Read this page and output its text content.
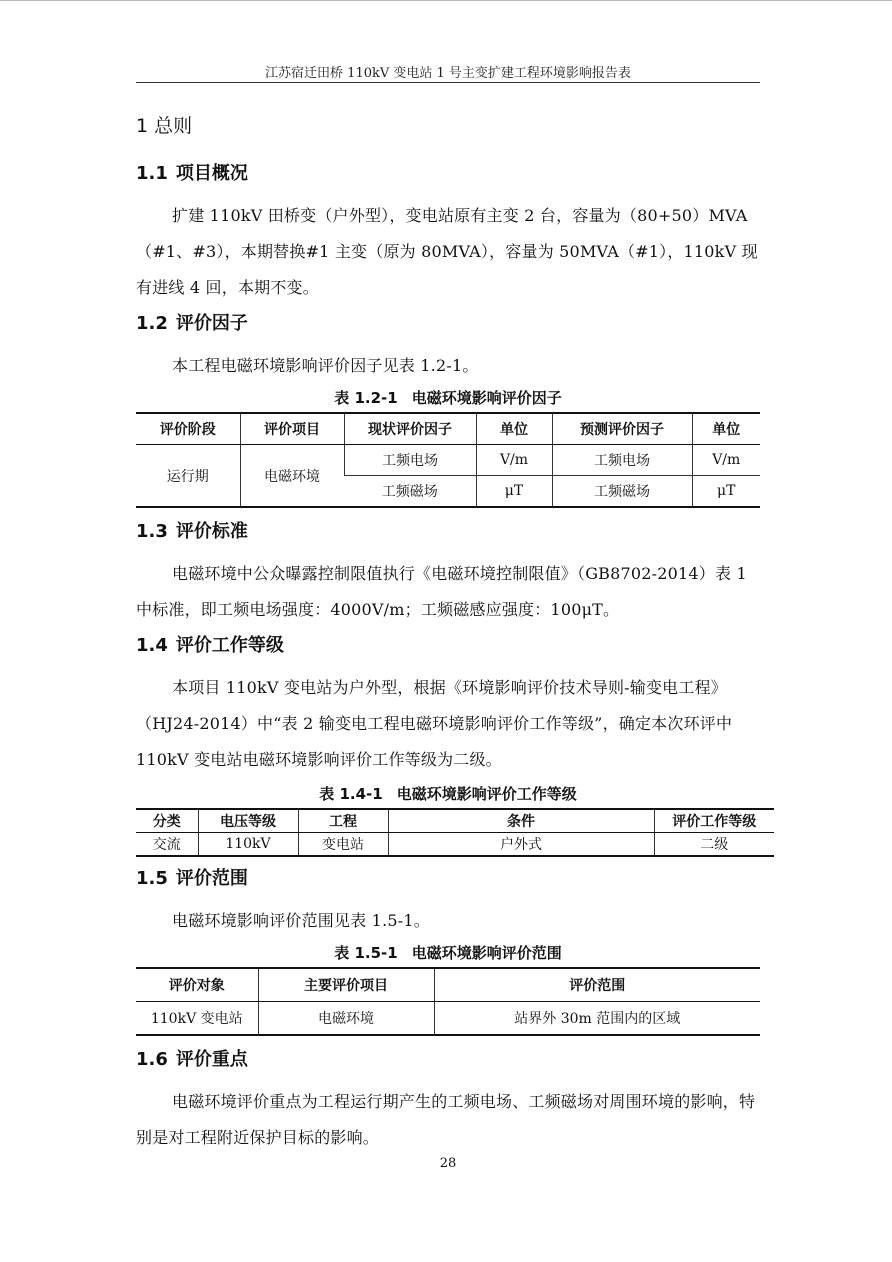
江苏宿迁田桥 110kV 变电站 1 号主变扩建工程环境影响报告表
1 总则
1.1 项目概况

扩建 110kV 田桥变（户外型），变电站原有主变 2 台，容量为（80+50）MVA（#1、#3），本期替换#1 主变（原为 80MVA），容量为 50MVA（#1），110kV 现有进线 4 回，本期不变。

1.2 评价因子

本工程电磁环境影响评价因子见表 1.2-1。

表 1.2-1 电磁环境影响评价因子
评价阶段	评价项目	现状评价因子	单位	预测评价因子	单位
运行期	电磁环境	工频电场	V/m	工频电场	V/m
		工频磁场	μT	工频磁场	μT
1.3 评价标准

电磁环境中公众曝露控制限值执行《电磁环境控制限值》（GB8702-2014）表 1 中标准，即工频电场强度：4000V/m；工频磁感应强度：100μT。

1.4 评价工作等级

本项目 110kV 变电站为户外型，根据《环境影响评价技术导则-输变电工程》（HJ24-2014）中“表 2 输变电工程电磁环境影响评价工作等级”，确定本次环评中 110kV 变电站电磁环境影响评价工作等级为二级。

表 1.4-1 电磁环境影响评价工作等级
分类	电压等级	工程	条件	评价工作等级
交流	110kV	变电站	户外式	二级
1.5 评价范围

电磁环境影响评价范围见表 1.5-1。

表 1.5-1 电磁环境影响评价范围
评价对象	主要评价项目	评价范围
110kV 变电站	电磁环境	站界外 30m 范围内的区域
1.6 评价重点

电磁环境评价重点为工程运行期产生的工频电场、工频磁场对周围环境的影响，特别是对工程附近保护目标的影响。

28
